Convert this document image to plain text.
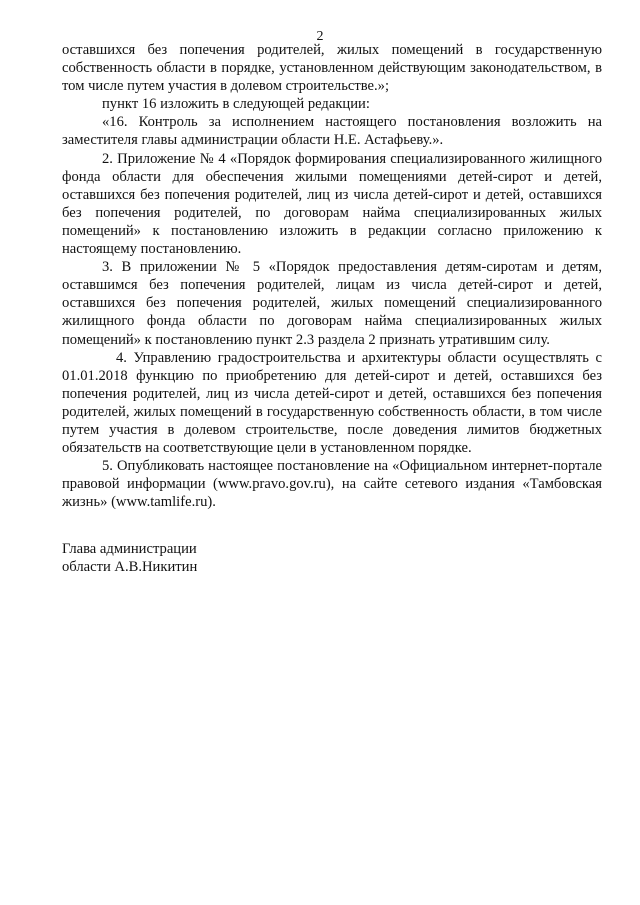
2

оставшихся без попечения родителей, жилых помещений в государственную собственность области в порядке, установленном действующим законодательством, в том числе путем участия в долевом строительстве.»;

пункт 16 изложить в следующей редакции:

«16. Контроль за исполнением настоящего постановления возложить на заместителя главы администрации области Н.Е. Астафьеву.».

2. Приложение № 4 «Порядок формирования специализированного жилищного фонда области для обеспечения жилыми помещениями детей-сирот и детей, оставшихся без попечения родителей, лиц из числа детей-сирот и детей, оставшихся без попечения родителей, по договорам найма специализированных жилых помещений» к постановлению изложить в редакции согласно приложению к настоящему постановлению.

3. В приложении № 5 «Порядок предоставления детям-сиротам и детям, оставшимся без попечения родителей, лицам из числа детей-сирот и детей, оставшихся без попечения родителей, жилых помещений специализированного жилищного фонда области по договорам найма специализированных жилых помещений» к постановлению пункт 2.3 раздела 2 признать утратившим силу.

4. Управлению градостроительства и архитектуры области осуществлять с 01.01.2018 функцию по приобретению для детей-сирот и детей, оставшихся без попечения родителей, лиц из числа детей-сирот и детей, оставшихся без попечения родителей, жилых помещений в государственную собственность области, в том числе путем участия в долевом строительстве, после доведения лимитов бюджетных обязательств на соответствующие цели в установленном порядке.

5. Опубликовать настоящее постановление на «Официальном интернет-портале правовой информации (www.pravo.gov.ru), на сайте сетевого издания «Тамбовская жизнь» (www.tamlife.ru).

Глава администрации
области А.В.Никитин
